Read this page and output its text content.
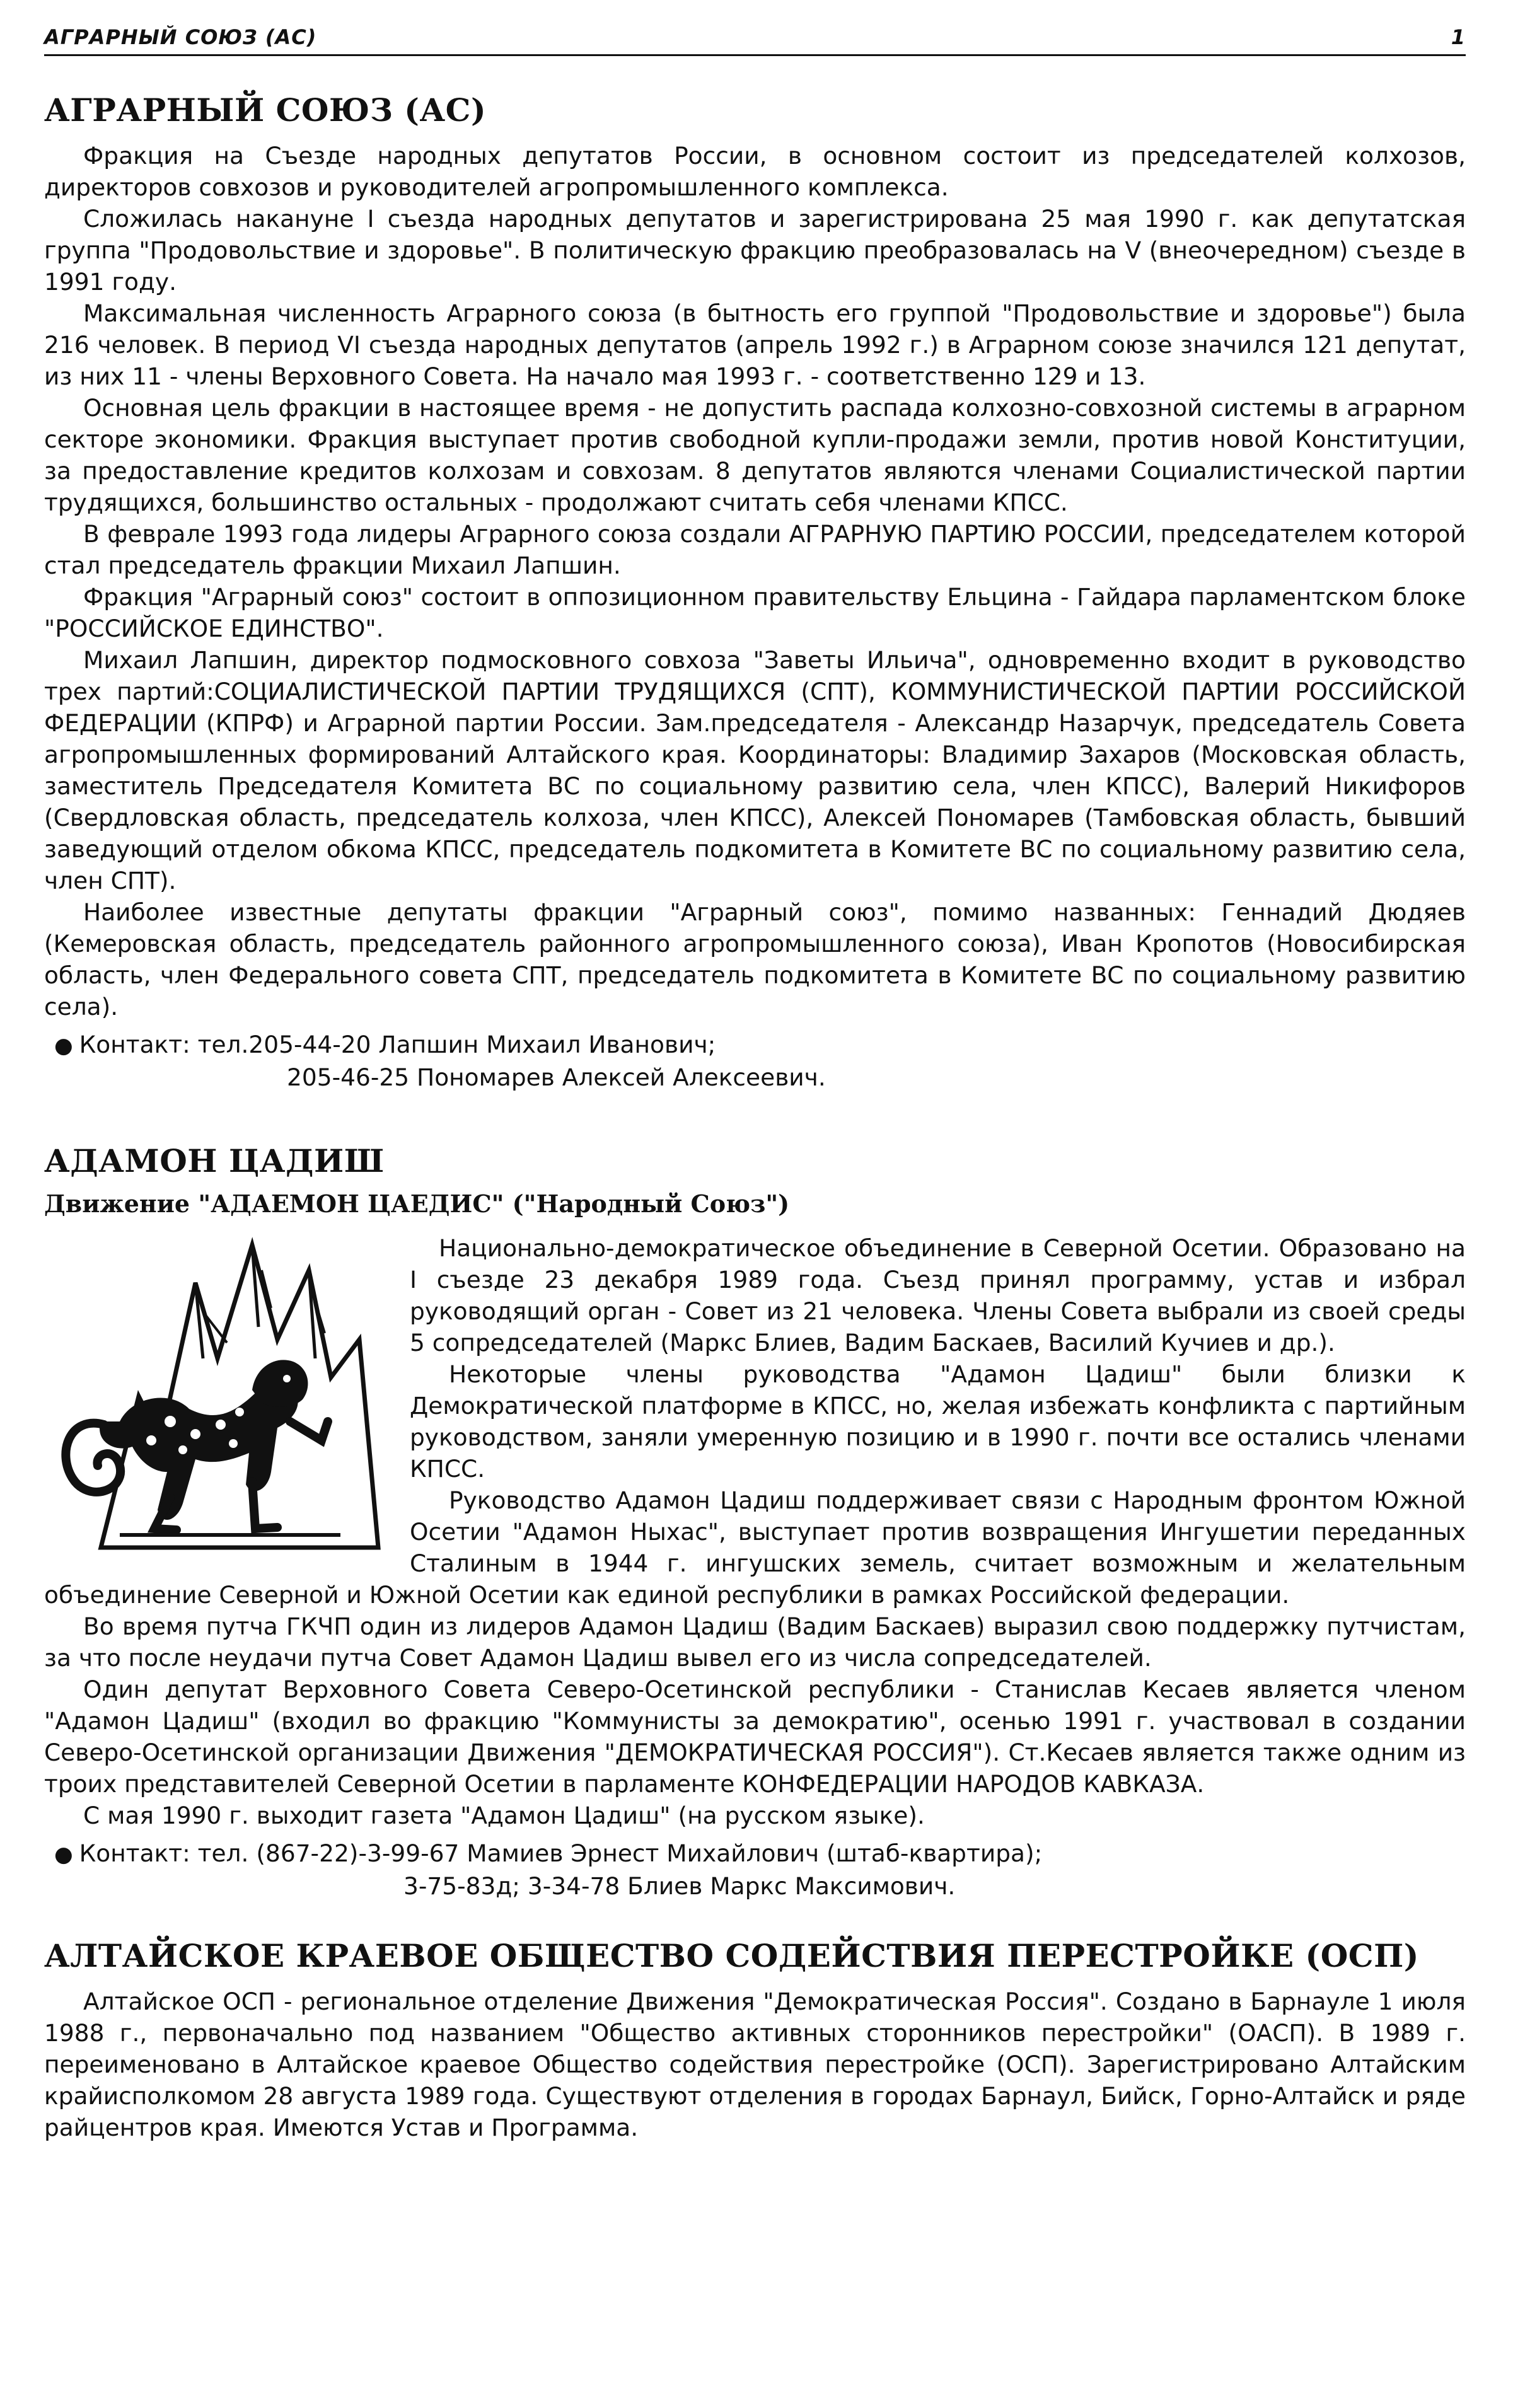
АГРАРНЫЙ СОЮЗ (АС)	1
АГРАРНЫЙ СОЮЗ (АС)

Фракция на Съезде народных депутатов России, в основном состоит из председателей колхозов, директоров совхозов и руководителей агропромышленного комплекса.

Сложилась накануне I съезда народных депутатов и зарегистрирована 25 мая 1990 г. как депутатская группа "Продовольствие и здоровье". В политическую фракцию преобразовалась на V (внеочередном) съезде в 1991 году.

Максимальная численность Аграрного союза (в бытность его группой "Продовольствие и здоровье") была 216 человек. В период VI съезда народных депутатов (апрель 1992 г.) в Аграрном союзе значился 121 депутат, из них 11 - члены Верховного Совета. На начало мая 1993 г. - соответственно 129 и 13.

Основная цель фракции в настоящее время - не допустить распада колхозно-совхозной системы в аграрном секторе экономики. Фракция выступает против свободной купли-продажи земли, против новой Конституции, за предоставление кредитов колхозам и совхозам. 8 депутатов являются членами Социалистической партии трудящихся, большинство остальных - продолжают считать себя членами КПСС.

В феврале 1993 года лидеры Аграрного союза создали АГРАРНУЮ ПАРТИЮ РОССИИ, председателем которой стал председатель фракции Михаил Лапшин.

Фракция "Аграрный союз" состоит в оппозиционном правительству Ельцина - Гайдара парламентском блоке "РОССИЙСКОЕ ЕДИНСТВО".

Михаил Лапшин, директор подмосковного совхоза "Заветы Ильича", одновременно входит в руководство трех партий:СОЦИАЛИСТИЧЕСКОЙ ПАРТИИ ТРУДЯЩИХСЯ (СПТ), КОММУНИСТИЧЕСКОЙ ПАРТИИ РОССИЙСКОЙ ФЕДЕРАЦИИ (КПРФ) и Аграрной партии России. Зам.председателя - Александр Назарчук, председатель Совета агропромышленных формирований Алтайского края. Координаторы: Владимир Захаров (Московская область, заместитель Председателя Комитета ВС по социальному развитию села, член КПСС), Валерий Никифоров (Свердловская область, председатель колхоза, член КПСС), Алексей Пономарев (Тамбовская область, бывший заведующий отделом обкома КПСС, председатель подкомитета в Комитете ВС по социальному развитию села, член СПТ).

Наиболее известные депутаты фракции "Аграрный союз", помимо названных: Геннадий Дюдяев (Кемеровская область, председатель районного агропромышленного союза), Иван Кропотов (Новосибирская область, член Федерального совета СПТ, председатель подкомитета в Комитете ВС по социальному развитию села).

● Контакт: тел.205-44-20 Лапшин Михаил Иванович;
205-46-25 Пономарев Алексей Алексеевич.
АДАМОН ЦАДИШ
Движение "АДАЕМОН ЦАЕДИС" ("Народный Союз")

Национально-демократическое объединение в Северной Осетии. Образовано на I съезде 23 декабря 1989 года. Съезд принял программу, устав и избрал руководящий орган - Совет из 21 человека. Члены Совета выбрали из своей среды 5 сопредседателей (Маркс Блиев, Вадим Баскаев, Василий Кучиев и др.).

Некоторые члены руководства "Адамон Цадиш" были близки к Демократической платформе в КПСС, но, желая избежать конфликта с партийным руководством, заняли умеренную позицию и в 1990 г. почти все остались членами КПСС.

Руководство Адамон Цадиш поддерживает связи с Народным фронтом Южной Осетии "Адамон Ныхас", выступает против возвращения Ингушетии переданных Сталиным в 1944 г. ингушских земель, считает возможным и желательным объединение Северной и Южной Осетии как единой республики в рамках Российской федерации.

Во время путча ГКЧП один из лидеров Адамон Цадиш (Вадим Баскаев) выразил свою поддержку путчистам, за что после неудачи путча Совет Адамон Цадиш вывел его из числа сопредседателей.

Один депутат Верховного Совета Северо-Осетинской республики - Станислав Кесаев является членом "Адамон Цадиш" (входил во фракцию "Коммунисты за демократию", осенью 1991 г. участвовал в создании Северо-Осетинской организации Движения "ДЕМОКРАТИЧЕСКАЯ РОССИЯ"). Ст.Кесаев является также одним из троих представителей Северной Осетии в парламенте КОНФЕДЕРАЦИИ НАРОДОВ КАВКАЗА.

С мая 1990 г. выходит газета "Адамон Цадиш" (на русском языке).

● Контакт: тел. (867-22)-3-99-67 Мамиев Эрнест Михайлович (штаб-квартира);
3-75-83д; 3-34-78 Блиев Маркс Максимович.
АЛТАЙСКОЕ КРАЕВОЕ ОБЩЕСТВО СОДЕЙСТВИЯ ПЕРЕСТРОЙКЕ (ОСП)

Алтайское ОСП - региональное отделение Движения "Демократическая Россия". Создано в Барнауле 1 июля 1988 г., первоначально под названием "Общество активных сторонников перестройки" (ОАСП). В 1989 г. переименовано в Алтайское краевое Общество содействия перестройке (ОСП). Зарегистрировано Алтайским крайисполкомом 28 августа 1989 года. Существуют отделения в городах Барнаул, Бийск, Горно-Алтайск и ряде райцентров края. Имеются Устав и Программа.
